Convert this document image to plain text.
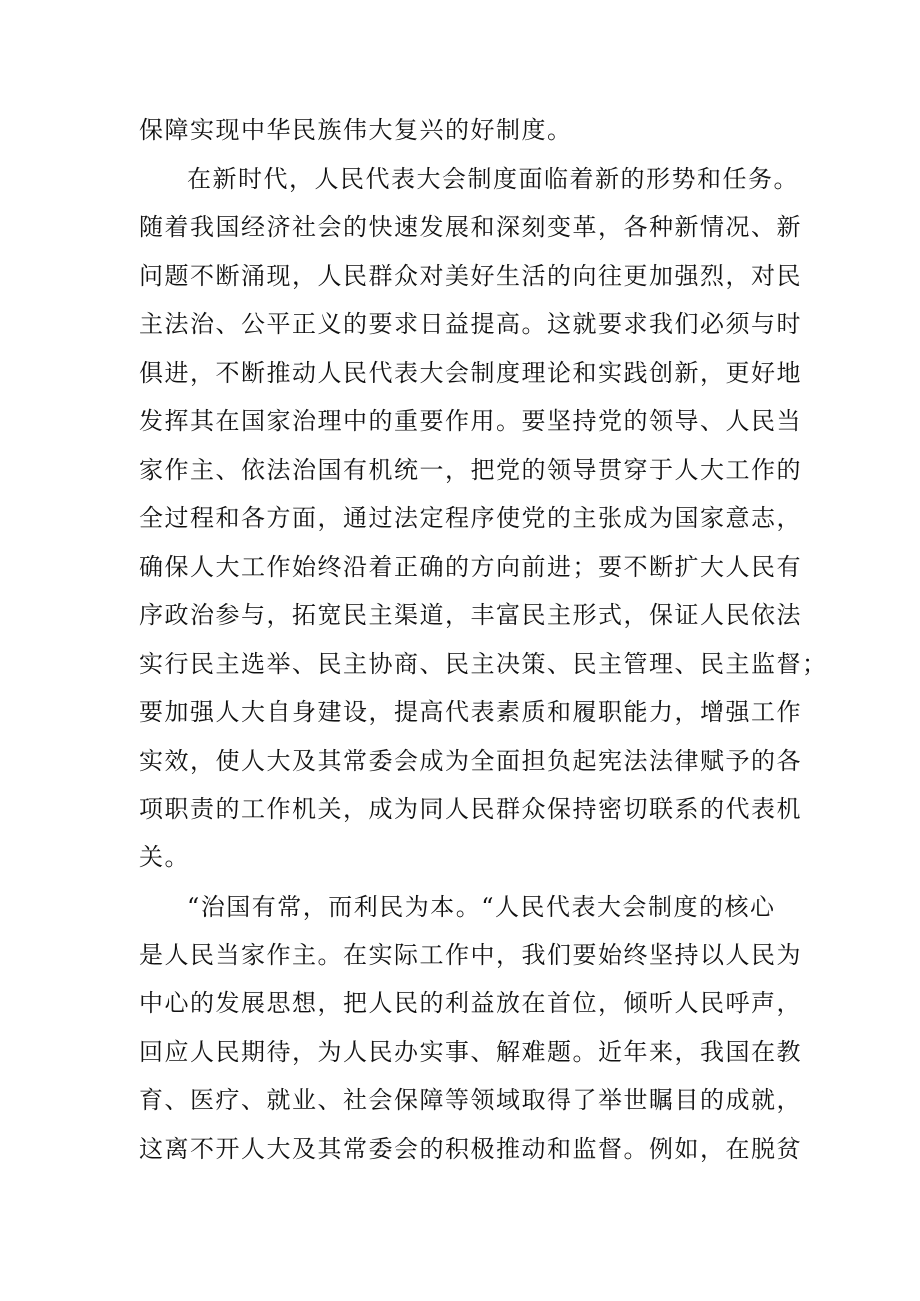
保障实现中华民族伟大复兴的好制度。
在新时代，人民代表大会制度面临着新的形势和任务。
随着我国经济社会的快速发展和深刻变革，各种新情况、新
问题不断涌现，人民群众对美好生活的向往更加强烈，对民
主法治、公平正义的要求日益提高。这就要求我们必须与时
俱进，不断推动人民代表大会制度理论和实践创新，更好地
发挥其在国家治理中的重要作用。要坚持党的领导、人民当
家作主、依法治国有机统一，把党的领导贯穿于人大工作的
全过程和各方面，通过法定程序使党的主张成为国家意志，
确保人大工作始终沿着正确的方向前进；要不断扩大人民有
序政治参与，拓宽民主渠道，丰富民主形式，保证人民依法
实行民主选举、民主协商、民主决策、民主管理、民主监督；
要加强人大自身建设，提高代表素质和履职能力，增强工作
实效，使人大及其常委会成为全面担负起宪法法律赋予的各
项职责的工作机关，成为同人民群众保持密切联系的代表机
关。
“治国有常，而利民为本。“人民代表大会制度的核心
是人民当家作主。在实际工作中，我们要始终坚持以人民为
中心的发展思想，把人民的利益放在首位，倾听人民呼声，
回应人民期待，为人民办实事、解难题。近年来，我国在教
育、医疗、就业、社会保障等领域取得了举世瞩目的成就，
这离不开人大及其常委会的积极推动和监督。例如，在脱贫
